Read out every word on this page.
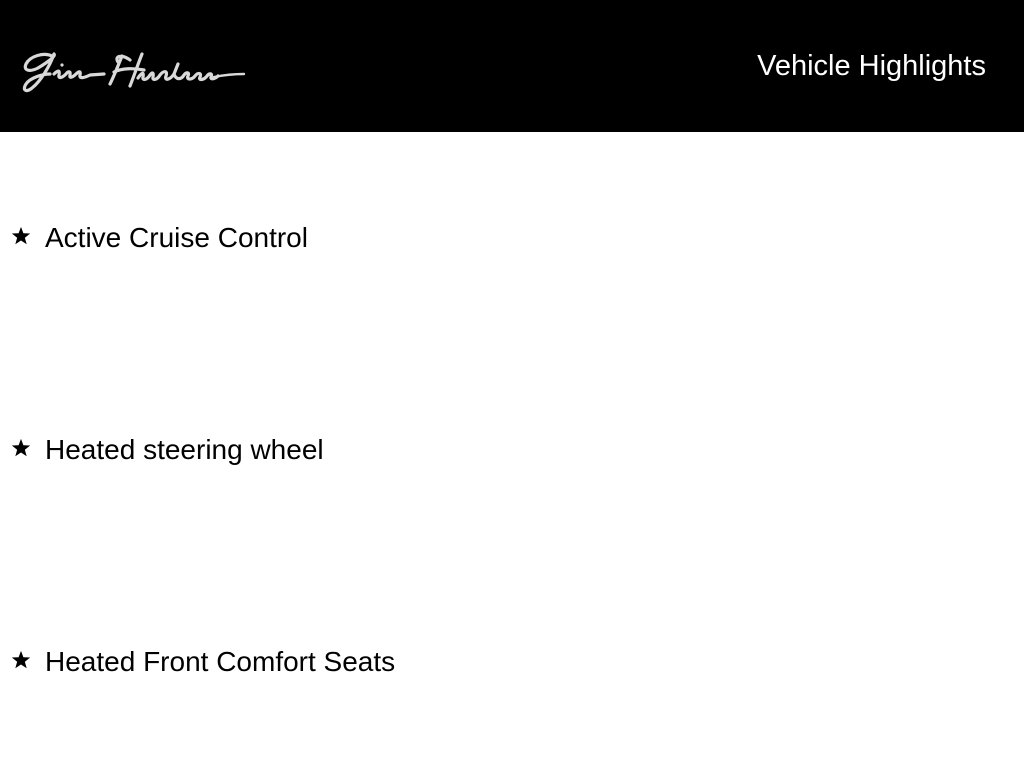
Vehicle Highlights
Active Cruise Control
Heated steering wheel
Heated Front Comfort Seats
